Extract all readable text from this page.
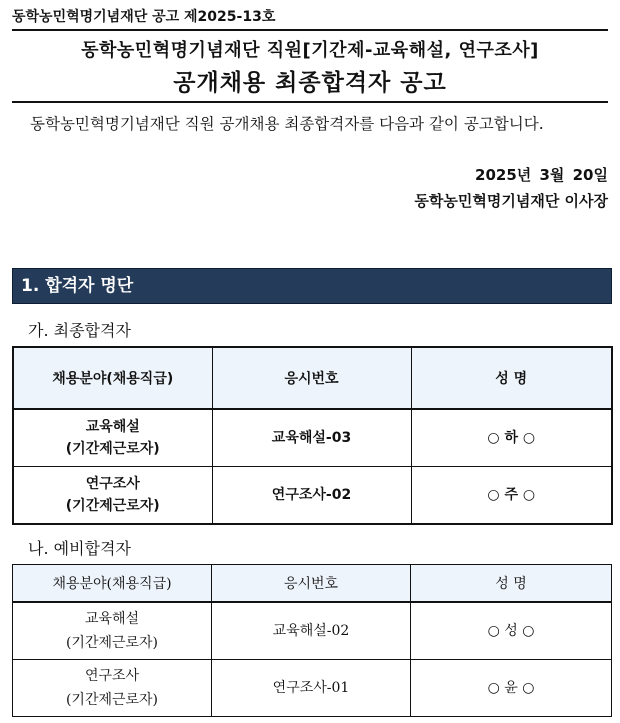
동학농민혁명기념재단 공고 제2025-13호
동학농민혁명기념재단 직원[기간제-교육해설, 연구조사]
공개채용 최종합격자 공고
동학농민혁명기념재단 직원 공개채용 최종합격자를 다음과 같이 공고합니다.
2025년 3월 20일
동학농민혁명기념재단 이사장
1. 합격자 명단
가. 최종합격자
채용분야(채용직급)	응시번호	성 명

교육해설
(기간제근로자)	교육해설-03	○ 하 ○

연구조사
(기간제근로자)	연구조사-02	○ 주 ○
나. 예비합격자
채용분야(채용직급)	응시번호	성 명

교육해설
(기간제근로자)	교육해설-02	○ 성 ○

연구조사
(기간제근로자)	연구조사-01	○ 윤 ○
